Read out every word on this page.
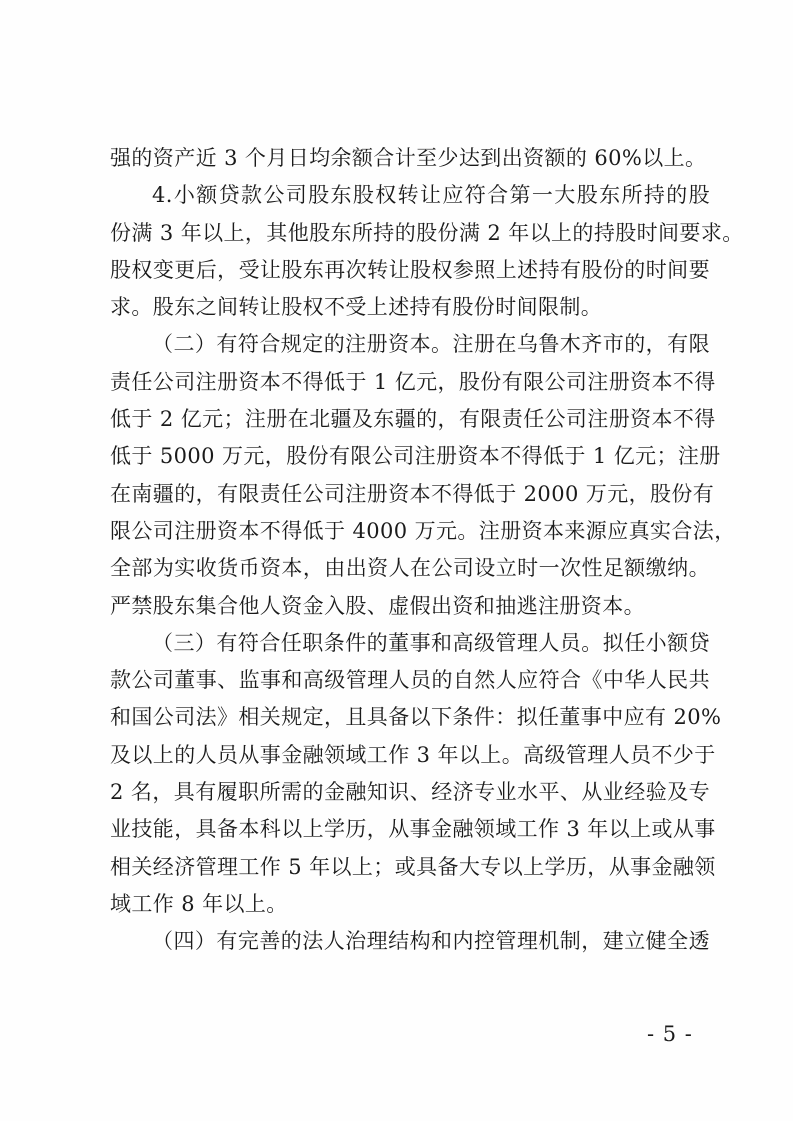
强的资产近 3 个月日均余额合计至少达到出资额的 60%以上。
4.小额贷款公司股东股权转让应符合第一大股东所持的股
份满 3 年以上，其他股东所持的股份满 2 年以上的持股时间要求。
股权变更后，受让股东再次转让股权参照上述持有股份的时间要
求。股东之间转让股权不受上述持有股份时间限制。
（二）有符合规定的注册资本。注册在乌鲁木齐市的，有限
责任公司注册资本不得低于 1 亿元，股份有限公司注册资本不得
低于 2 亿元；注册在北疆及东疆的，有限责任公司注册资本不得
低于 5000 万元，股份有限公司注册资本不得低于 1 亿元；注册
在南疆的，有限责任公司注册资本不得低于 2000 万元，股份有
限公司注册资本不得低于 4000 万元。注册资本来源应真实合法，
全部为实收货币资本，由出资人在公司设立时一次性足额缴纳。
严禁股东集合他人资金入股、虚假出资和抽逃注册资本。
（三）有符合任职条件的董事和高级管理人员。拟任小额贷
款公司董事、监事和高级管理人员的自然人应符合《中华人民共
和国公司法》相关规定，且具备以下条件：拟任董事中应有 20%
及以上的人员从事金融领域工作 3 年以上。高级管理人员不少于
2 名，具有履职所需的金融知识、经济专业水平、从业经验及专
业技能，具备本科以上学历，从事金融领域工作 3 年以上或从事
相关经济管理工作 5 年以上；或具备大专以上学历，从事金融领
域工作 8 年以上。
（四）有完善的法人治理结构和内控管理机制，建立健全透
- 5 -
